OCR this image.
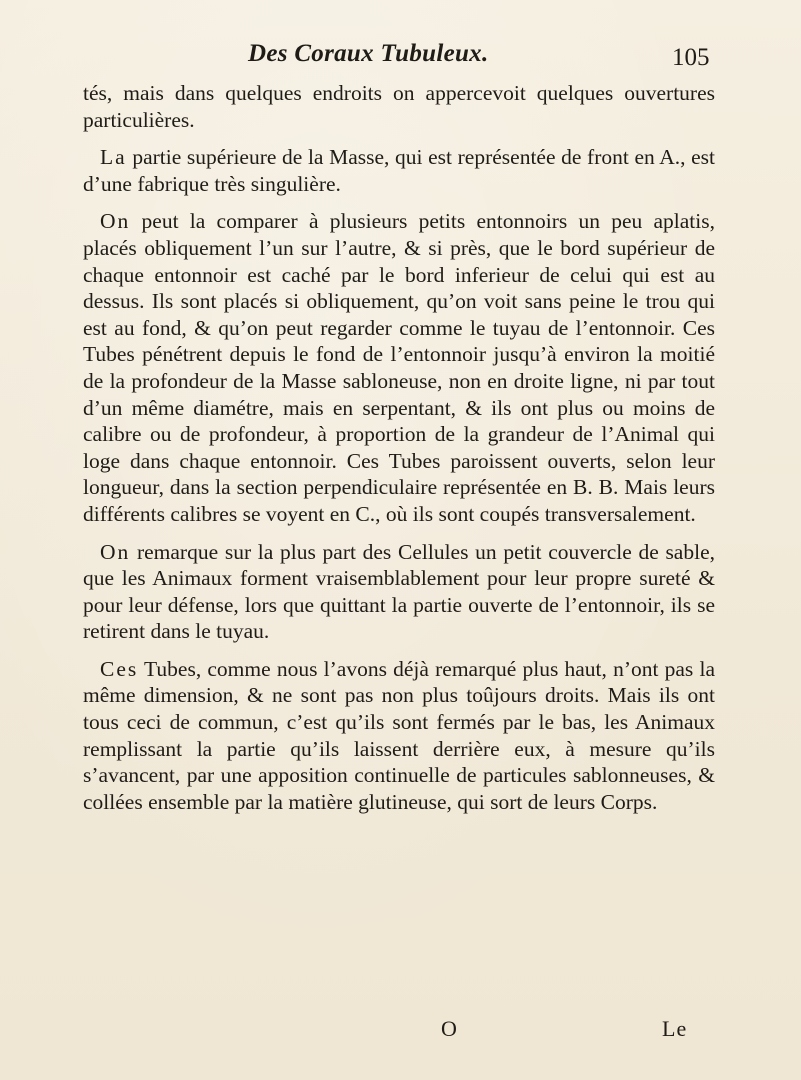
Des Coraux Tubuleux.	105

tés, mais dans quelques endroits on appercevoit quelques ouvertures particulières.

La partie supérieure de la Masse, qui est représentée de front en A., est d’une fabrique très singulière.

On peut la comparer à plusieurs petits entonnoirs un peu aplatis, placés obliquement l’un sur l’autre, & si près, que le bord supérieur de chaque entonnoir est caché par le bord inferieur de celui qui est au dessus. Ils sont placés si obliquement, qu’on voit sans peine le trou qui est au fond, & qu’on peut regarder comme le tuyau de l’entonnoir. Ces Tubes pénétrent depuis le fond de l’entonnoir jusqu’à environ la moitié de la profondeur de la Masse sabloneuse, non en droite ligne, ni par tout d’un même diamétre, mais en serpentant, & ils ont plus ou moins de calibre ou de profondeur, à proportion de la grandeur de l’Animal qui loge dans chaque entonnoir. Ces Tubes paroissent ouverts, selon leur longueur, dans la section perpendiculaire représentée en B. B. Mais leurs différents calibres se voyent en C., où ils sont coupés transversalement.

On remarque sur la plus part des Cellules un petit couvercle de sable, que les Animaux forment vraisemblablement pour leur propre sureté & pour leur défense, lors que quittant la partie ouverte de l’entonnoir, ils se retirent dans le tuyau.

Ces Tubes, comme nous l’avons déjà remarqué plus haut, n’ont pas la même dimension, & ne sont pas non plus toûjours droits. Mais ils ont tous ceci de commun, c’est qu’ils sont fermés par le bas, les Animaux remplissant la partie qu’ils laissent derrière eux, à mesure qu’ils s’avancent, par une apposition continuelle de particules sablonneuses, & collées ensemble par la matière glutineuse, qui sort de leurs Corps.

O	Le
